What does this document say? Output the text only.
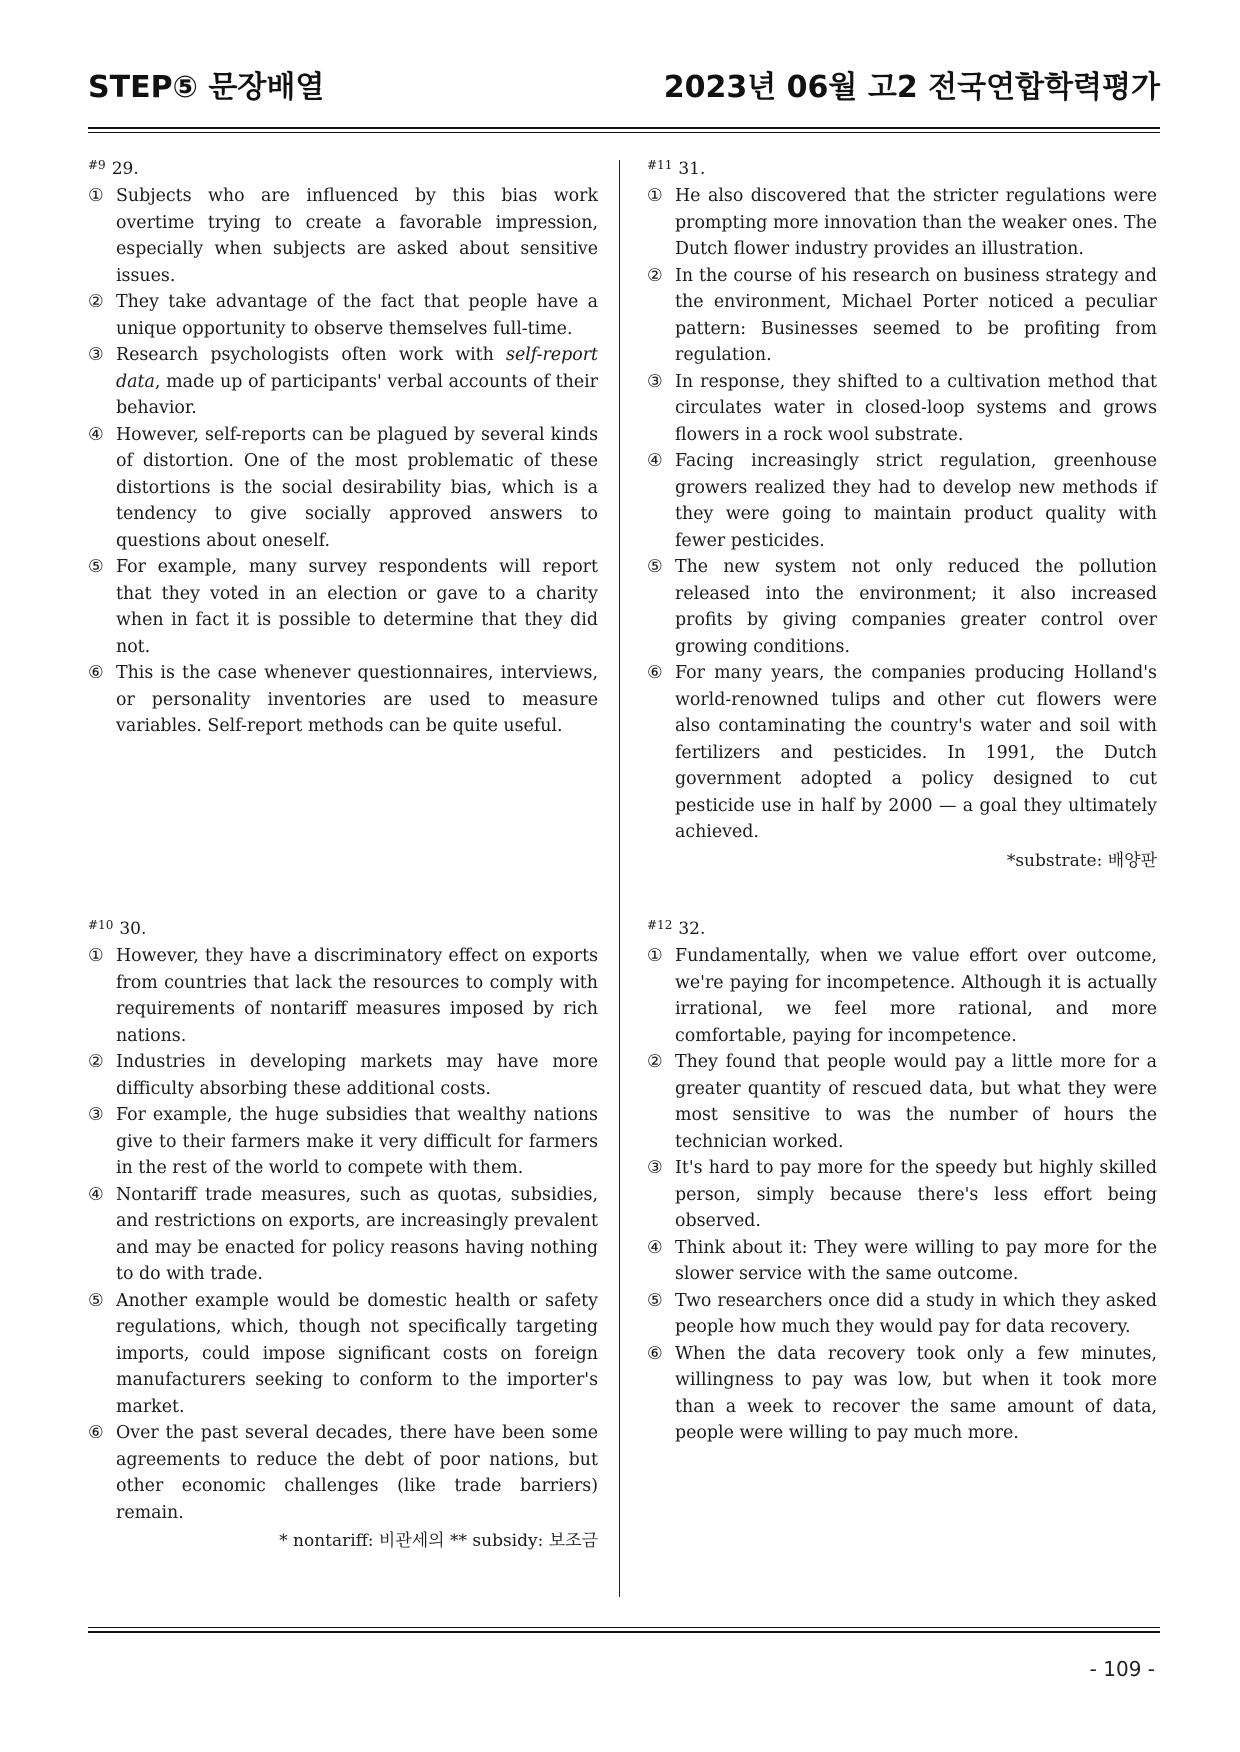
STEP⑤ 문장배열	2023년 06월 고2 전국연합학력평가
$^{\#9}$ 29.
① Subjects who are influenced by this bias work overtime trying to create a favorable impression, especially when subjects are asked about sensitive issues.
② They take advantage of the fact that people have a unique opportunity to observe themselves full-time.
③ Research psychologists often work with self-report data, made up of participants' verbal accounts of their behavior.
④ However, self-reports can be plagued by several kinds of distortion. One of the most problematic of these distortions is the social desirability bias, which is a tendency to give socially approved answers to questions about oneself.
⑤ For example, many survey respondents will report that they voted in an election or gave to a charity when in fact it is possible to determine that they did not.
⑥ This is the case whenever questionnaires, interviews, or personality inventories are used to measure variables. Self-report methods can be quite useful.
$^{\#10}$ 30.
① However, they have a discriminatory effect on exports from countries that lack the resources to comply with requirements of nontariff measures imposed by rich nations.
② Industries in developing markets may have more difficulty absorbing these additional costs.
③ For example, the huge subsidies that wealthy nations give to their farmers make it very difficult for farmers in the rest of the world to compete with them.
④ Nontariff trade measures, such as quotas, subsidies, and restrictions on exports, are increasingly prevalent and may be enacted for policy reasons having nothing to do with trade.
⑤ Another example would be domestic health or safety regulations, which, though not specifically targeting imports, could impose significant costs on foreign manufacturers seeking to conform to the importer's market.
⑥ Over the past several decades, there have been some agreements to reduce the debt of poor nations, but other economic challenges (like trade barriers) remain.
* nontariff: 비관세의 ** subsidy: 보조금
$^{\#11}$ 31.
① He also discovered that the stricter regulations were prompting more innovation than the weaker ones. The Dutch flower industry provides an illustration.
② In the course of his research on business strategy and the environment, Michael Porter noticed a peculiar pattern: Businesses seemed to be profiting from regulation.
③ In response, they shifted to a cultivation method that circulates water in closed-loop systems and grows flowers in a rock wool substrate.
④ Facing increasingly strict regulation, greenhouse growers realized they had to develop new methods if they were going to maintain product quality with fewer pesticides.
⑤ The new system not only reduced the pollution released into the environment; it also increased profits by giving companies greater control over growing conditions.
⑥ For many years, the companies producing Holland's world-renowned tulips and other cut flowers were also contaminating the country's water and soil with fertilizers and pesticides. In 1991, the Dutch government adopted a policy designed to cut pesticide use in half by 2000 — a goal they ultimately achieved.
*substrate: 배양판
$^{\#12}$ 32.
① Fundamentally, when we value effort over outcome, we're paying for incompetence. Although it is actually irrational, we feel more rational, and more comfortable, paying for incompetence.
② They found that people would pay a little more for a greater quantity of rescued data, but what they were most sensitive to was the number of hours the technician worked.
③ It's hard to pay more for the speedy but highly skilled person, simply because there's less effort being observed.
④ Think about it: They were willing to pay more for the slower service with the same outcome.
⑤ Two researchers once did a study in which they asked people how much they would pay for data recovery.
⑥ When the data recovery took only a few minutes, willingness to pay was low, but when it took more than a week to recover the same amount of data, people were willing to pay much more.
- 109 -
